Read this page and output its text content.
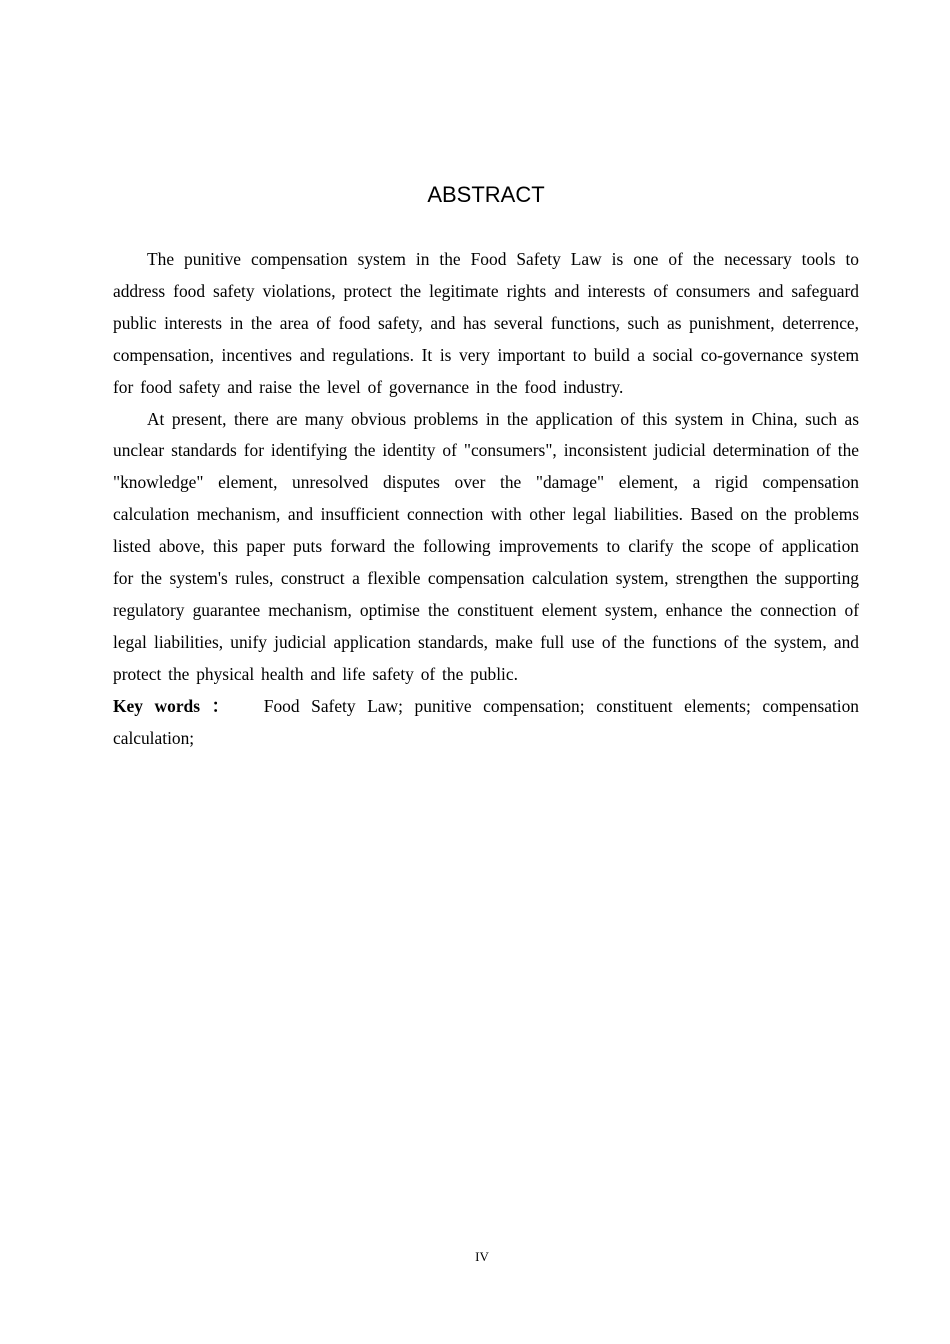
ABSTRACT

The punitive compensation system in the Food Safety Law is one of the necessary tools to address food safety violations, protect the legitimate rights and interests of consumers and safeguard public interests in the area of food safety, and has several functions, such as punishment, deterrence, compensation, incentives and regulations. It is very important to build a social co-governance system for food safety and raise the level of governance in the food industry.

At present, there are many obvious problems in the application of this system in China, such as unclear standards for identifying the identity of "consumers", inconsistent judicial determination of the "knowledge" element, unresolved disputes over the "damage" element, a rigid compensation calculation mechanism, and insufficient connection with other legal liabilities. Based on the problems listed above, this paper puts forward the following improvements to clarify the scope of application for the system's rules, construct a flexible compensation calculation system, strengthen the supporting regulatory guarantee mechanism, optimise the constituent element system, enhance the connection of legal liabilities, unify judicial application standards, make full use of the functions of the system, and protect the physical health and life safety of the public.

Key words ： Food Safety Law; punitive compensation; constituent elements; compensation calculation;

IV
